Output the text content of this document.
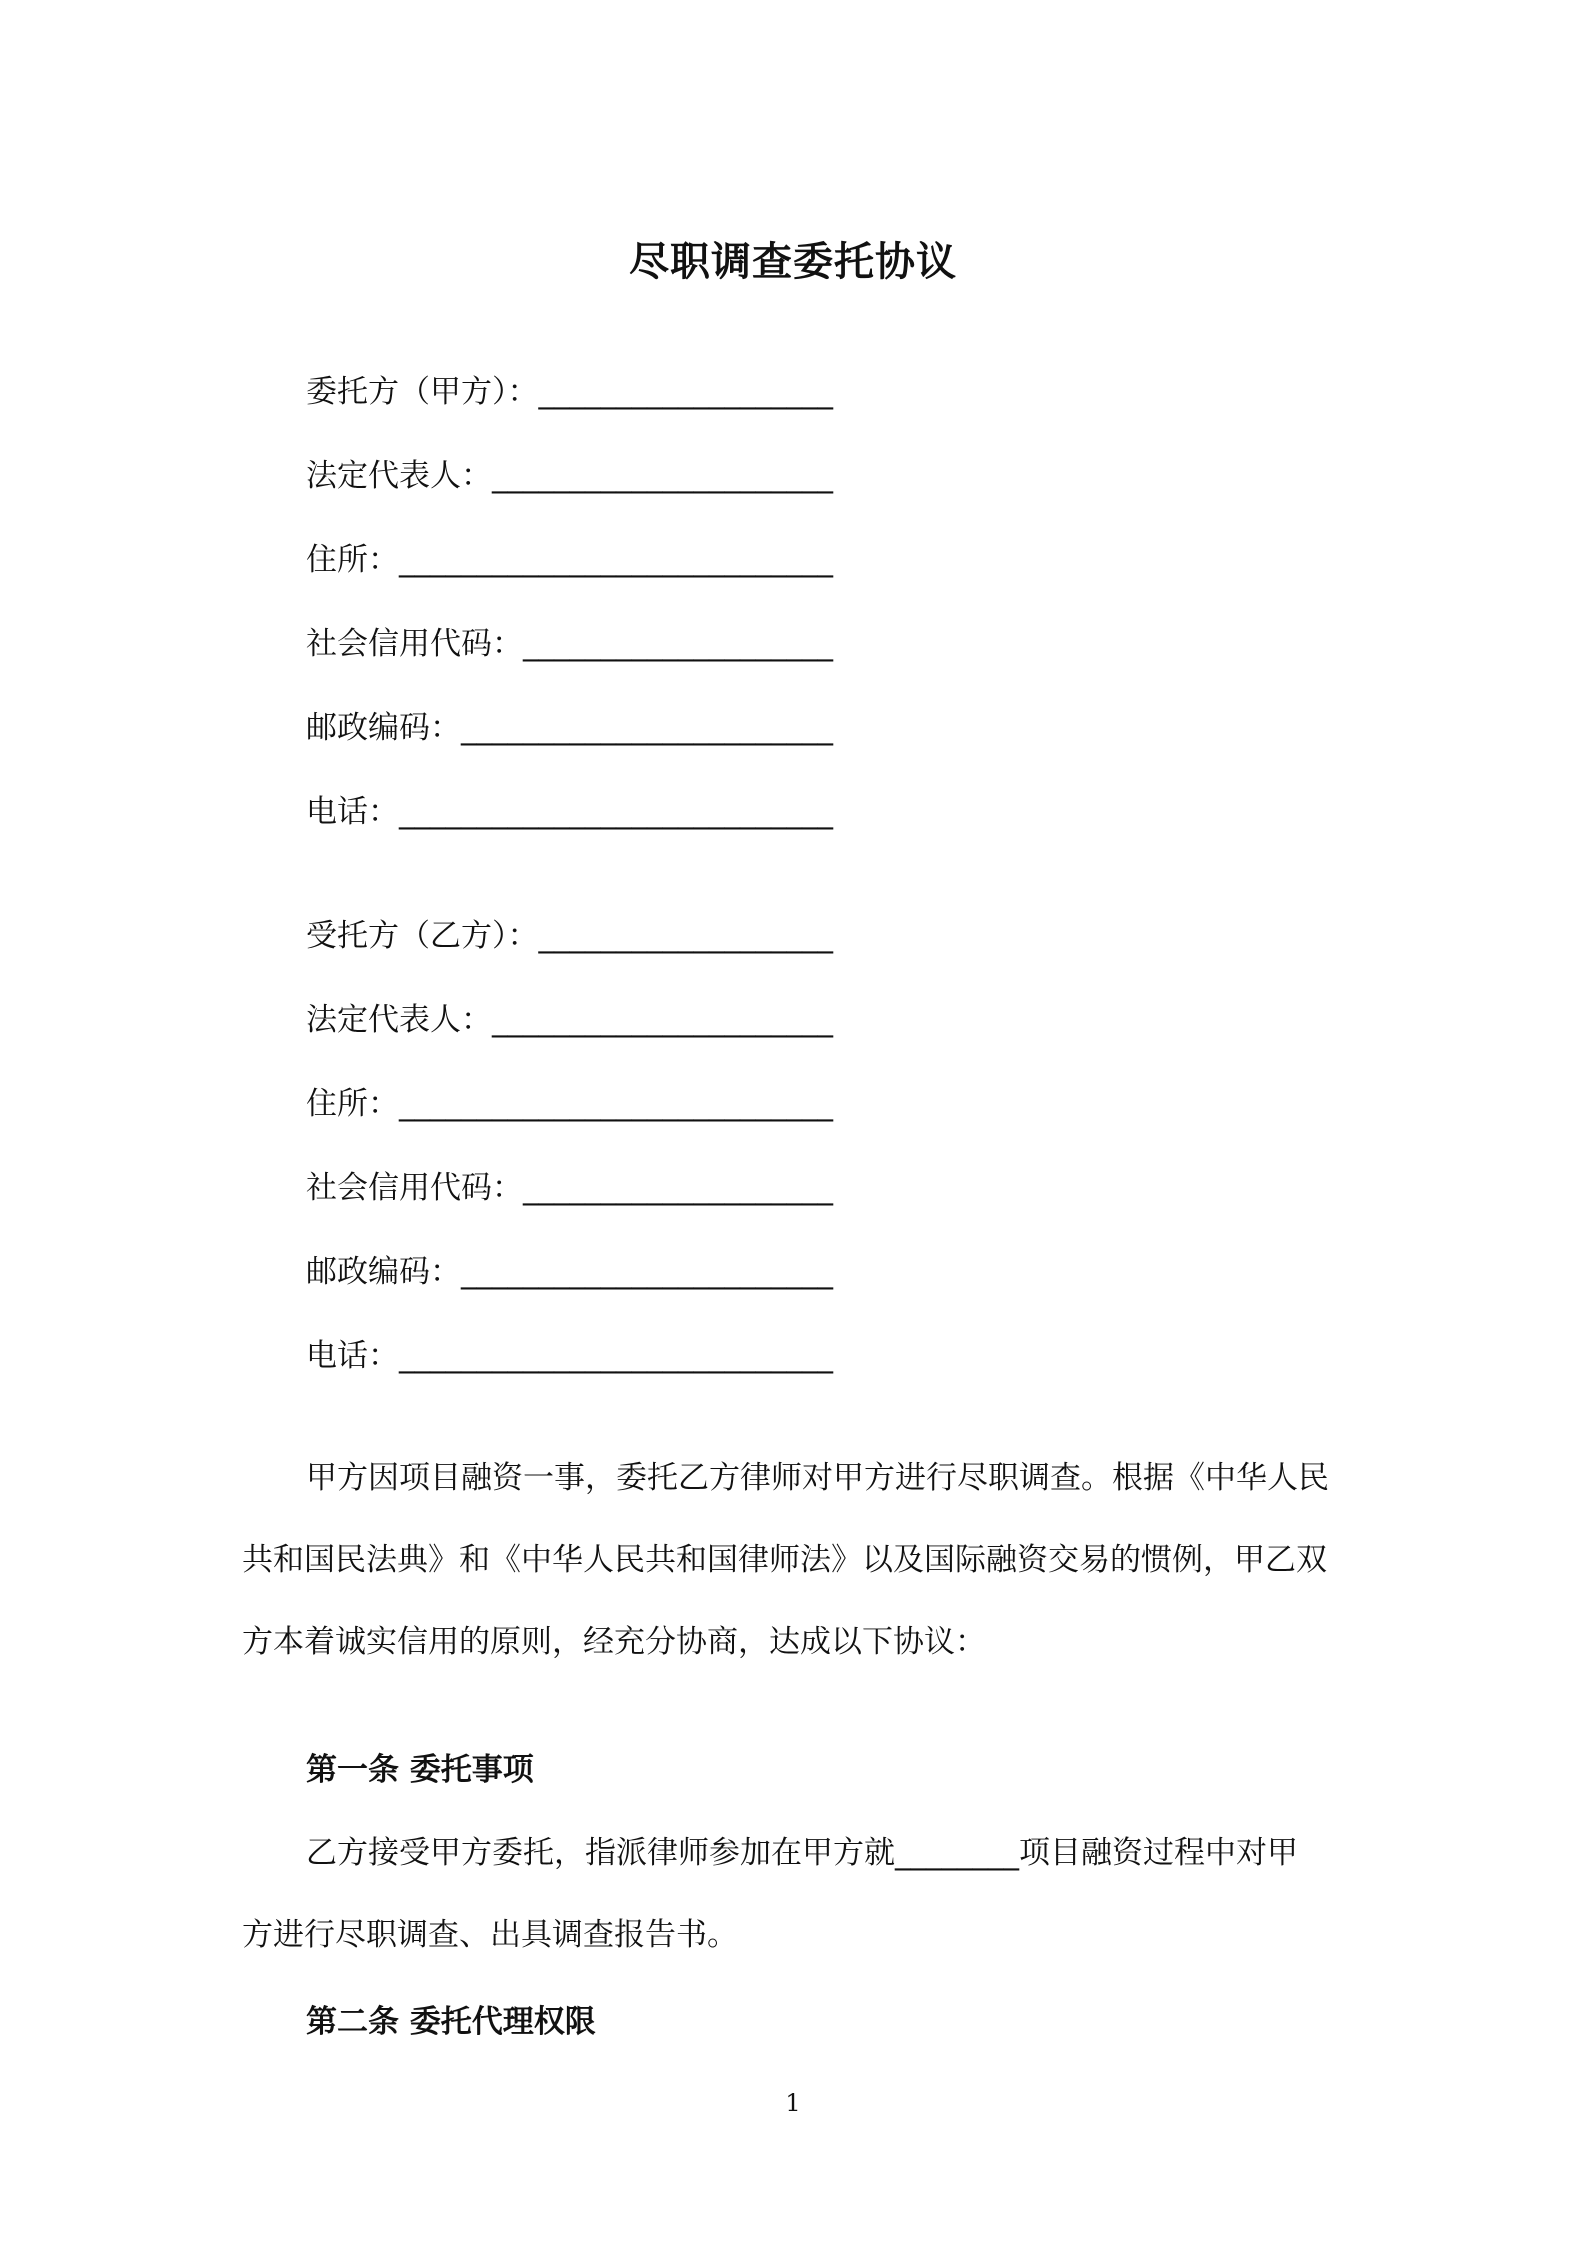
尽职调查委托协议
委托方（甲方）：___________________
法定代表人：______________________
住所：____________________________
社会信用代码：____________________
邮政编码：________________________
电话：____________________________
受托方（乙方）：___________________
法定代表人：______________________
住所：____________________________
社会信用代码：____________________
邮政编码：________________________
电话：____________________________
甲方因项目融资一事，委托乙方律师对甲方进行尽职调查。根据《中华人民
共和国民法典》和《中华人民共和国律师法》以及国际融资交易的惯例，甲乙双
方本着诚实信用的原则，经充分协商，达成以下协议：
第一条 委托事项
乙方接受甲方委托，指派律师参加在甲方就________项目融资过程中对甲
方进行尽职调查、出具调查报告书。
第二条 委托代理权限
1
